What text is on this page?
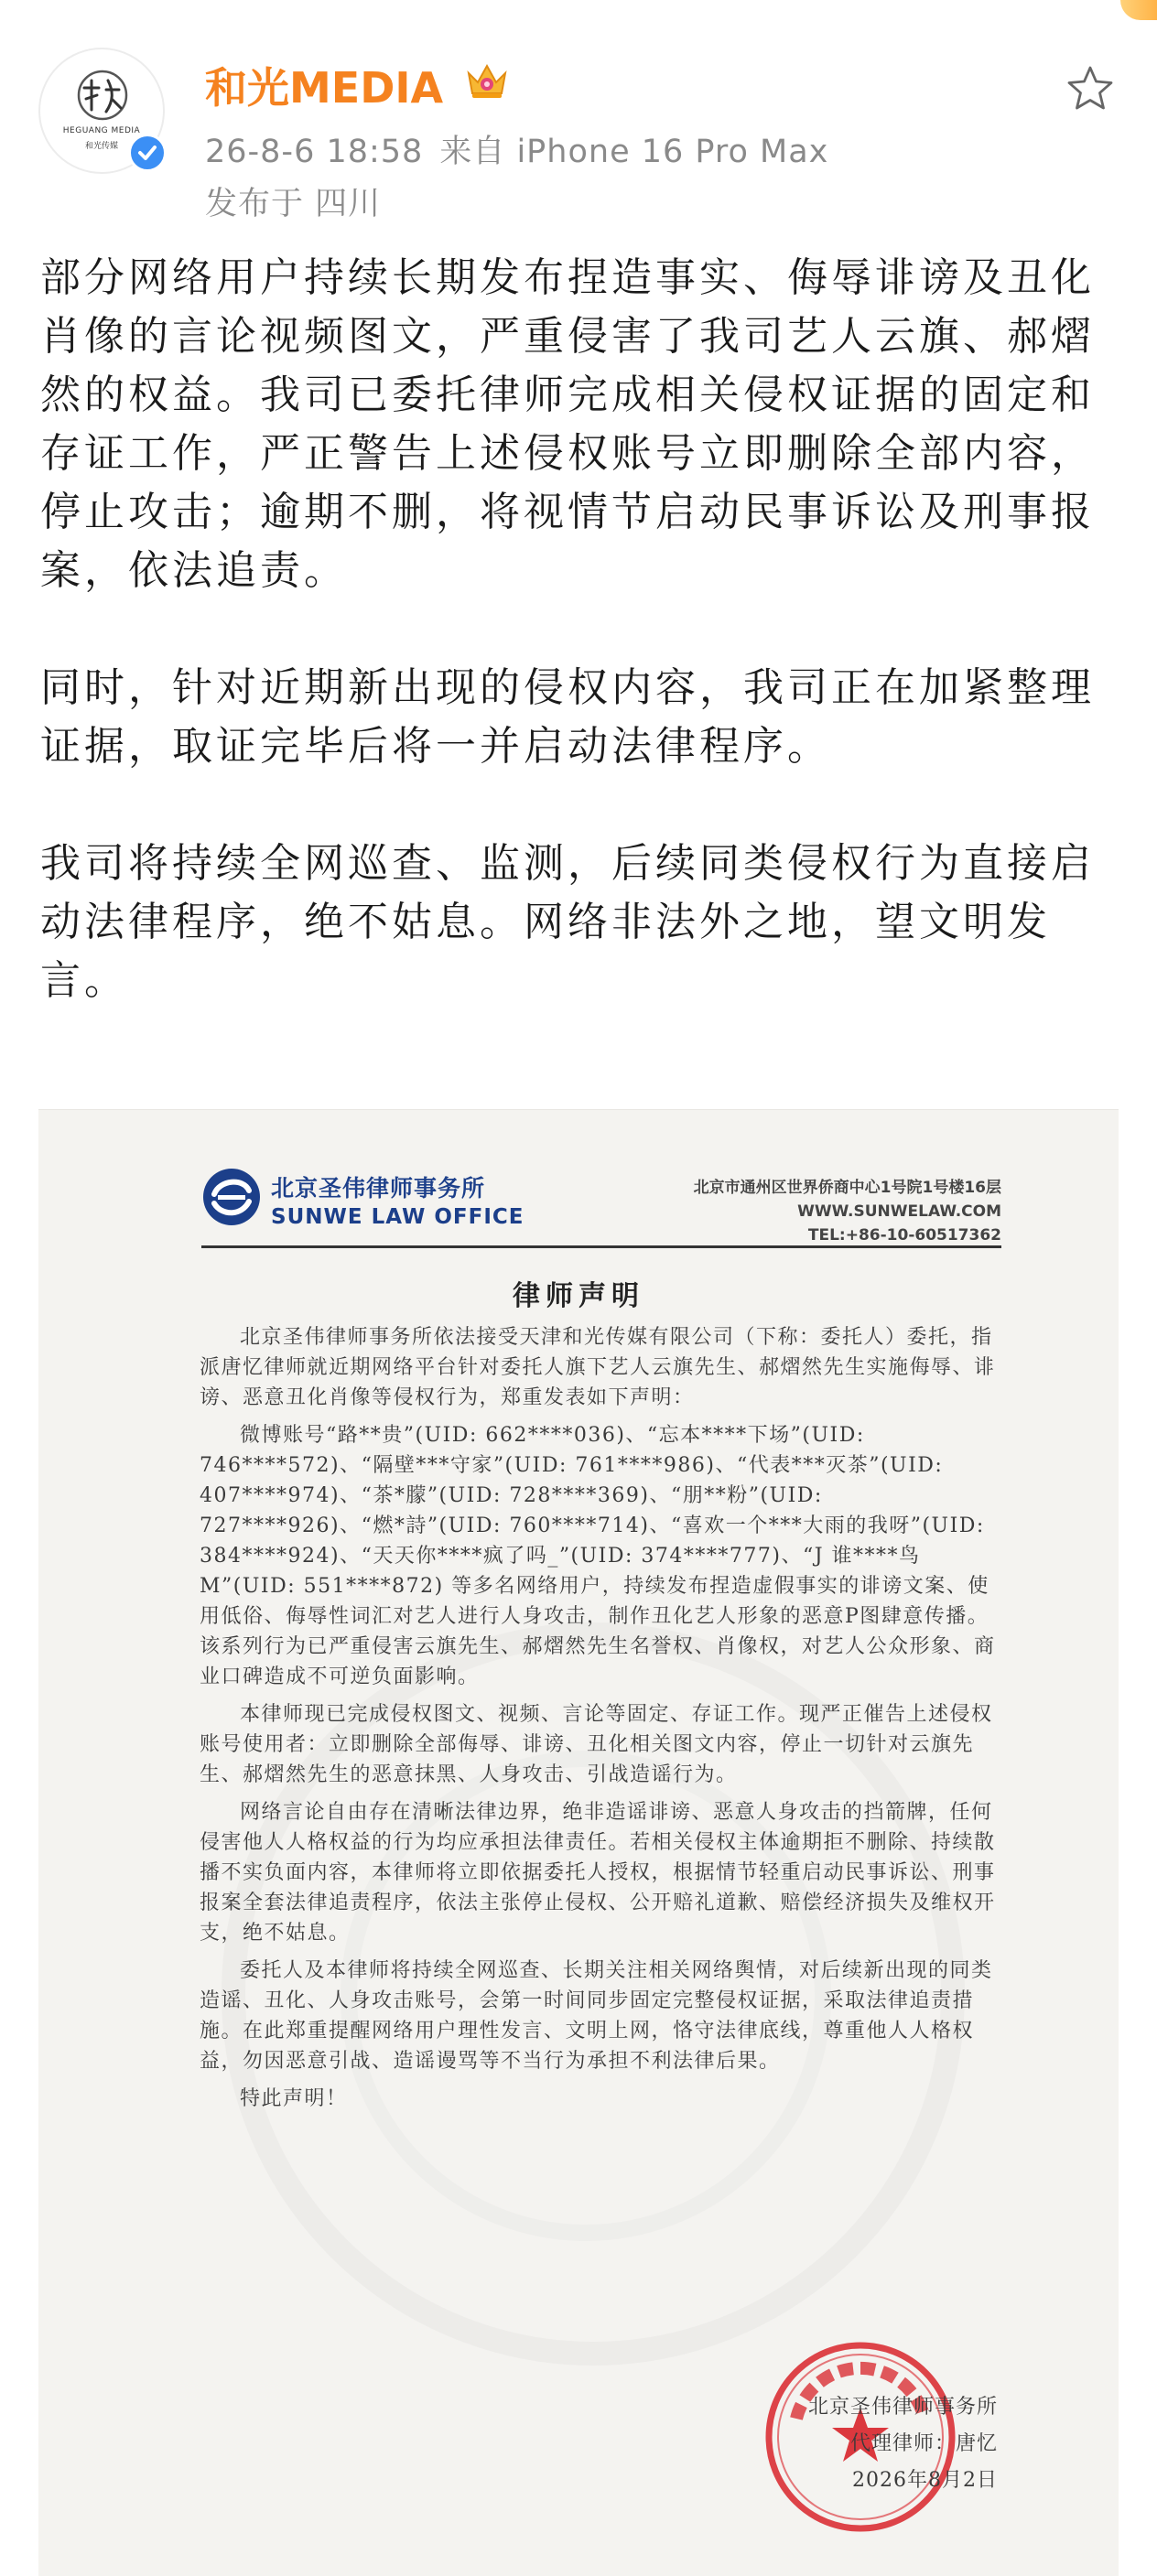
HEGUANG MEDIA
和光传媒
和光MEDIA
26-8-6 18:58 来自 iPhone 16 Pro Max
发布于 四川

部分网络用户持续长期发布捏造事实、侮辱诽谤及丑化肖像的言论视频图文，严重侵害了我司艺人云旗、郝熠然的权益。我司已委托律师完成相关侵权证据的固定和存证工作，严正警告上述侵权账号立即删除全部内容，停止攻击；逾期不删，将视情节启动民事诉讼及刑事报案，依法追责。

同时，针对近期新出现的侵权内容，我司正在加紧整理证据，取证完毕后将一并启动法律程序。

我司将持续全网巡查、监测，后续同类侵权行为直接启动法律程序，绝不姑息。网络非法外之地，望文明发言。

北京圣伟律师事务所
SUNWE LAW OFFICE
北京市通州区世界侨商中心1号院1号楼16层
WWW.SUNWELAW.COM
TEL:+86-10-60517362
律师声明

北京圣伟律师事务所依法接受天津和光传媒有限公司（下称：委托人）委托，指派唐忆律师就近期网络平台针对委托人旗下艺人云旗先生、郝熠然先生实施侮辱、诽谤、恶意丑化肖像等侵权行为，郑重发表如下声明：

微博账号“路**贵”(UID: 662****036)、“忘本****下场”(UID: 746****572)、“隔壁***守家”(UID: 761****986)、“代表***灭茶”(UID: 407****974)、“茶*朦”(UID: 728****369)、“朋**粉”(UID: 727****926)、“燃*詩”(UID: 760****714)、“喜欢一个***大雨的我呀”(UID: 384****924)、“天天你****疯了吗_”(UID: 374****777)、“J 谁****鸟 M”(UID: 551****872) 等多名网络用户，持续发布捏造虚假事实的诽谤文案、使用低俗、侮辱性词汇对艺人进行人身攻击，制作丑化艺人形象的恶意P图肆意传播。该系列行为已严重侵害云旗先生、郝熠然先生名誉权、肖像权，对艺人公众形象、商业口碑造成不可逆负面影响。

本律师现已完成侵权图文、视频、言论等固定、存证工作。现严正催告上述侵权账号使用者：立即删除全部侮辱、诽谤、丑化相关图文内容，停止一切针对云旗先生、郝熠然先生的恶意抹黑、人身攻击、引战造谣行为。

网络言论自由存在清晰法律边界，绝非造谣诽谤、恶意人身攻击的挡箭牌，任何侵害他人人格权益的行为均应承担法律责任。若相关侵权主体逾期拒不删除、持续散播不实负面内容，本律师将立即依据委托人授权，根据情节轻重启动民事诉讼、刑事报案全套法律追责程序，依法主张停止侵权、公开赔礼道歉、赔偿经济损失及维权开支，绝不姑息。

委托人及本律师将持续全网巡查、长期关注相关网络舆情，对后续新出现的同类造谣、丑化、人身攻击账号，会第一时间同步固定完整侵权证据，采取法律追责措施。在此郑重提醒网络用户理性发言、文明上网，恪守法律底线，尊重他人人格权益，勿因恶意引战、造谣谩骂等不当行为承担不利法律后果。

特此声明！

北京圣伟律师事务所
代理律师：唐忆
2026年8月2日
